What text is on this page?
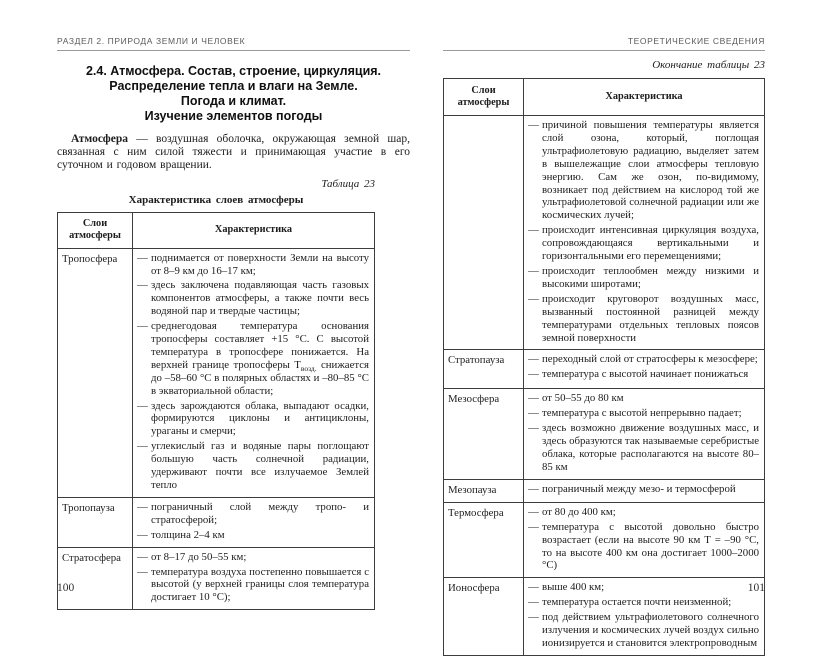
РАЗДЕЛ 2. ПРИРОДА ЗЕМЛИ И ЧЕЛОВЕК
2.4. Атмосфера. Состав, строение, циркуляция.
Распределение тепла и влаги на Земле.
Погода и климат.
Изучение элементов погоды

Атмосфера — воздушная оболочка, окружающая земной шар, связанная с ним силой тяжести и принимающая участие в его суточном и годовом вращении.

Таблица 23
Характеристика слоев атмосферы
Слои атмосферы	Характеристика
Тропосфера	— поднимается от поверхности Земли на высоту от 8–9 км до 16–17 км;
— здесь заключена подавляющая часть газовых компонентов атмосферы, а также почти весь водяной пар и твердые частицы;
— среднегодовая температура основания тропосферы составляет +15 °С. С высотой температура в тропосфере понижается. На верхней границе тропосферы $Т_{возд.}$ снижается до –58–60 °С в полярных областях и –80–85 °С в экваториальной области;
— здесь зарождаются облака, выпадают осадки, формируются циклоны и антициклоны, ураганы и смерчи;
— углекислый газ и водяные пары поглощают большую часть солнечной радиации, удерживают почти все излучаемое Землей тепло

Тропопауза	— пограничный слой между тропо- и стратосферой;
— толщина 2–4 км

Стратосфера	— от 8–17 до 50–55 км;
— температура воздуха постепенно повышается с высотой (у верхней границы слоя температура достигает 10 °С);
ТЕОРЕТИЧЕСКИЕ СВЕДЕНИЯ
Окончание таблицы 23
Слои атмосферы	Характеристика

— причиной повышения температуры является слой озона, который, поглощая ультрафиолетовую радиацию, выделяет затем в вышележащие слои атмосферы тепловую энергию. Сам же озон, по-видимому, возникает под действием на кислород той же ультрафиолетовой солнечной радиации или же космических лучей;
— происходит интенсивная циркуляция воздуха, сопровождающаяся вертикальными и горизонтальными его перемещениями;
— происходит теплообмен между низкими и высокими широтами;
— происходит круговорот воздушных масс, вызванный постоянной разницей между температурами отдельных тепловых поясов земной поверхности

Стратопауза	— переходный слой от стратосферы к мезосфере;
— температура с высотой начинает понижаться

Мезосфера	— от 50–55 до 80 км
— температура с высотой непрерывно падает;
— здесь возможно движение воздушных масс, и здесь образуются так называемые серебристые облака, которые располагаются на высоте 80–85 км

Мезопауза	— пограничный между мезо- и термосферой

Термосфера	— от 80 до 400 км;
— температура с высотой довольно быстро возрастает (если на высоте 90 км Т = –90 °С, то на высоте 400 км она достигает 1000–2000 °С)

Ионосфера	— выше 400 км;
— температура остается почти неизменной;
— под действием ультрафиолетового солнечного излучения и космических лучей воздух сильно ионизируется и становится электропроводным
100	101
